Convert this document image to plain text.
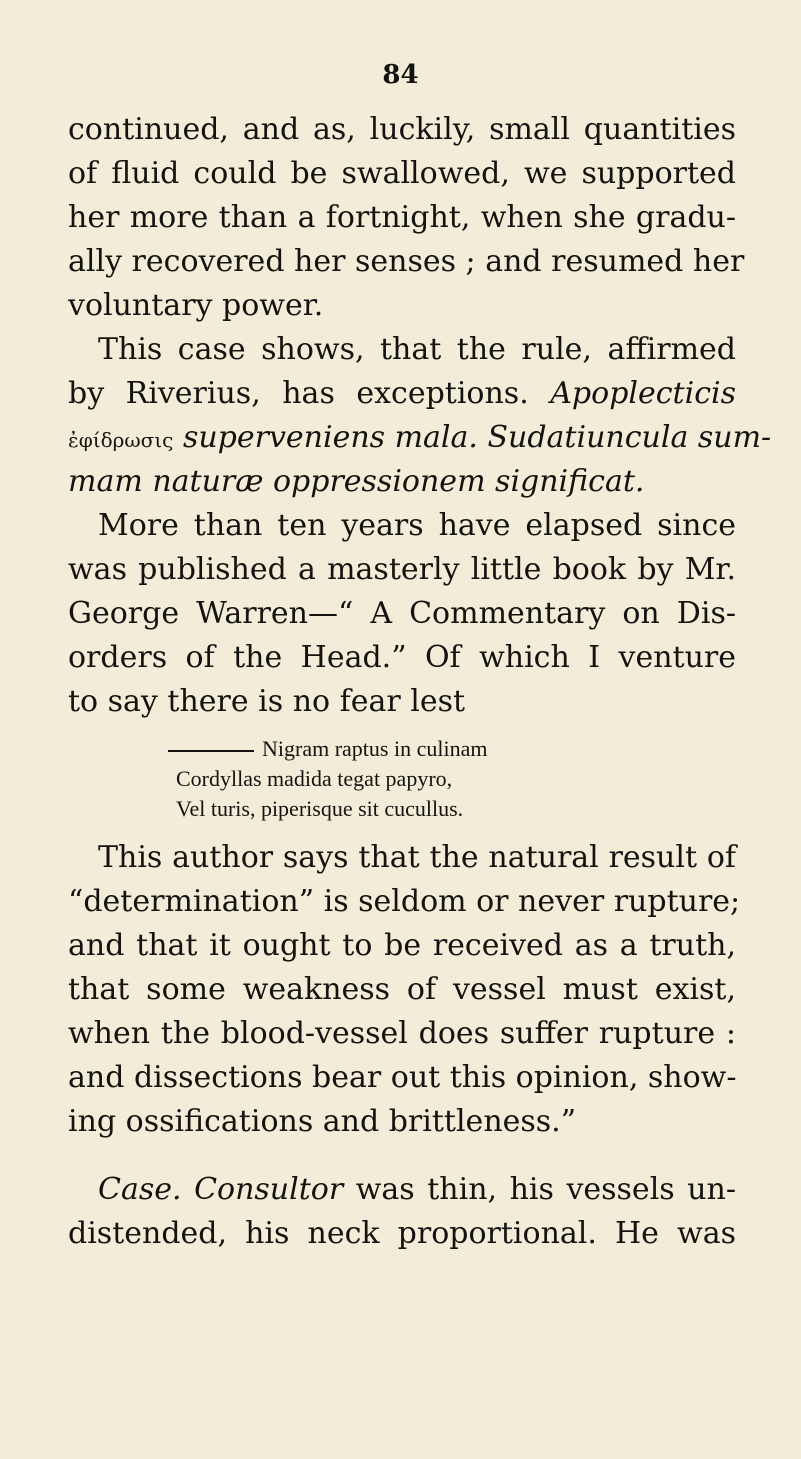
84
continued, and as, luckily, small quantities
of fluid could be swallowed, we supported
her more than a fortnight, when she gradu-
ally recovered her senses ; and resumed her
voluntary power.
This case shows, that the rule, affirmed
by Riverius, has exceptions. Apoplecticis
ἐφίδρωσις superveniens mala. Sudatiuncula sum-
mam naturæ oppressionem significat.
More than ten years have elapsed since
was published a masterly little book by Mr.
George Warren—“ A Commentary on Dis-
orders of the Head.” Of which I venture
to say there is no fear lest
Nigram raptus in culinam
Cordyllas madida tegat papyro,
Vel turis, piperisque sit cucullus.
This author says that the natural result of
“determination” is seldom or never rupture;
and that it ought to be received as a truth,
that some weakness of vessel must exist,
when the blood-vessel does suffer rupture :
and dissections bear out this opinion, show-
ing ossifications and brittleness.”
Case. Consultor was thin, his vessels un-
distended, his neck proportional. He was
